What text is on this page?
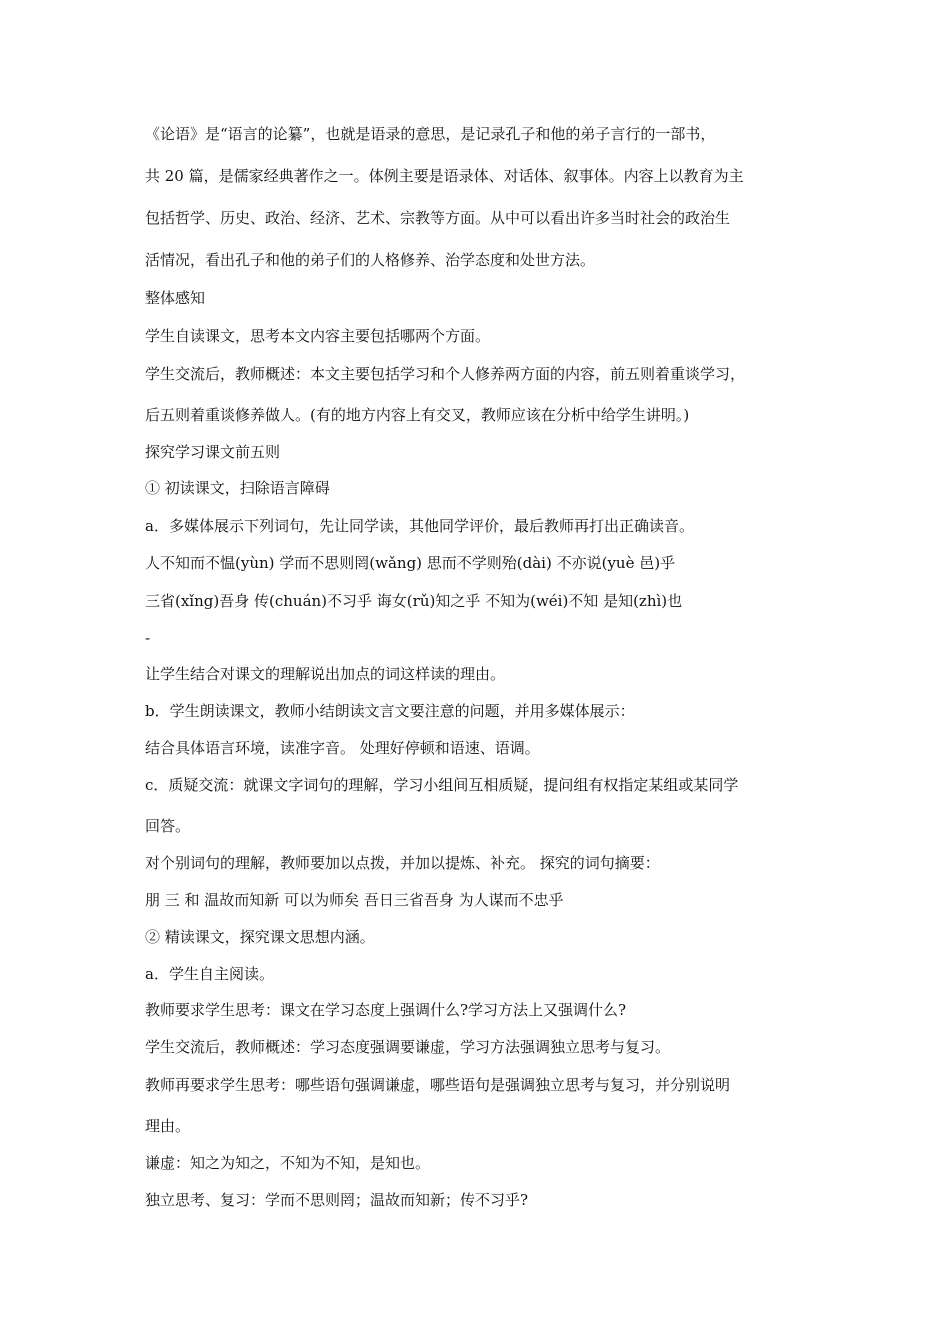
《论语》是“语言的论纂”，也就是语录的意思，是记录孔子和他的弟子言行的一部书，
共 20 篇，是儒家经典著作之一。体例主要是语录体、对话体、叙事体。内容上以教育为主
包括哲学、历史、政治、经济、艺术、宗教等方面。从中可以看出许多当时社会的政治生
活情况，看出孔子和他的弟子们的人格修养、治学态度和处世方法。
整体感知
学生自读课文，思考本文内容主要包括哪两个方面。
学生交流后，教师概述：本文主要包括学习和个人修养两方面的内容，前五则着重谈学习，
后五则着重谈修养做人。(有的地方内容上有交叉，教师应该在分析中给学生讲明。)
探究学习课文前五则
① 初读课文，扫除语言障碍
a．多媒体展示下列词句，先让同学读，其他同学评价，最后教师再打出正确读音。
人不知而不愠(yùn) 学而不思则罔(wǎng) 思而不学则殆(dài) 不亦说(yuè 邑)乎
三省(xǐng)吾身 传(chuán)不习乎 诲女(rǔ)知之乎 不知为(wéi)不知 是知(zhì)也
-
让学生结合对课文的理解说出加点的词这样读的理由。
b．学生朗读课文，教师小结朗读文言文要注意的问题，并用多媒体展示：
结合具体语言环境，读准字音。 处理好停顿和语速、语调。
c．质疑交流：就课文字词句的理解，学习小组间互相质疑，提问组有权指定某组或某同学
回答。
对个别词句的理解，教师要加以点拨，并加以提炼、补充。 探究的词句摘要：
朋 三 和 温故而知新 可以为师矣 吾日三省吾身 为人谋而不忠乎
② 精读课文，探究课文思想内涵。
a．学生自主阅读。
教师要求学生思考：课文在学习态度上强调什么?学习方法上又强调什么?
学生交流后，教师概述：学习态度强调要谦虚，学习方法强调独立思考与复习。
教师再要求学生思考：哪些语句强调谦虚，哪些语句是强调独立思考与复习，并分别说明
理由。
谦虚：知之为知之，不知为不知，是知也。
独立思考、复习：学而不思则罔；温故而知新；传不习乎?
